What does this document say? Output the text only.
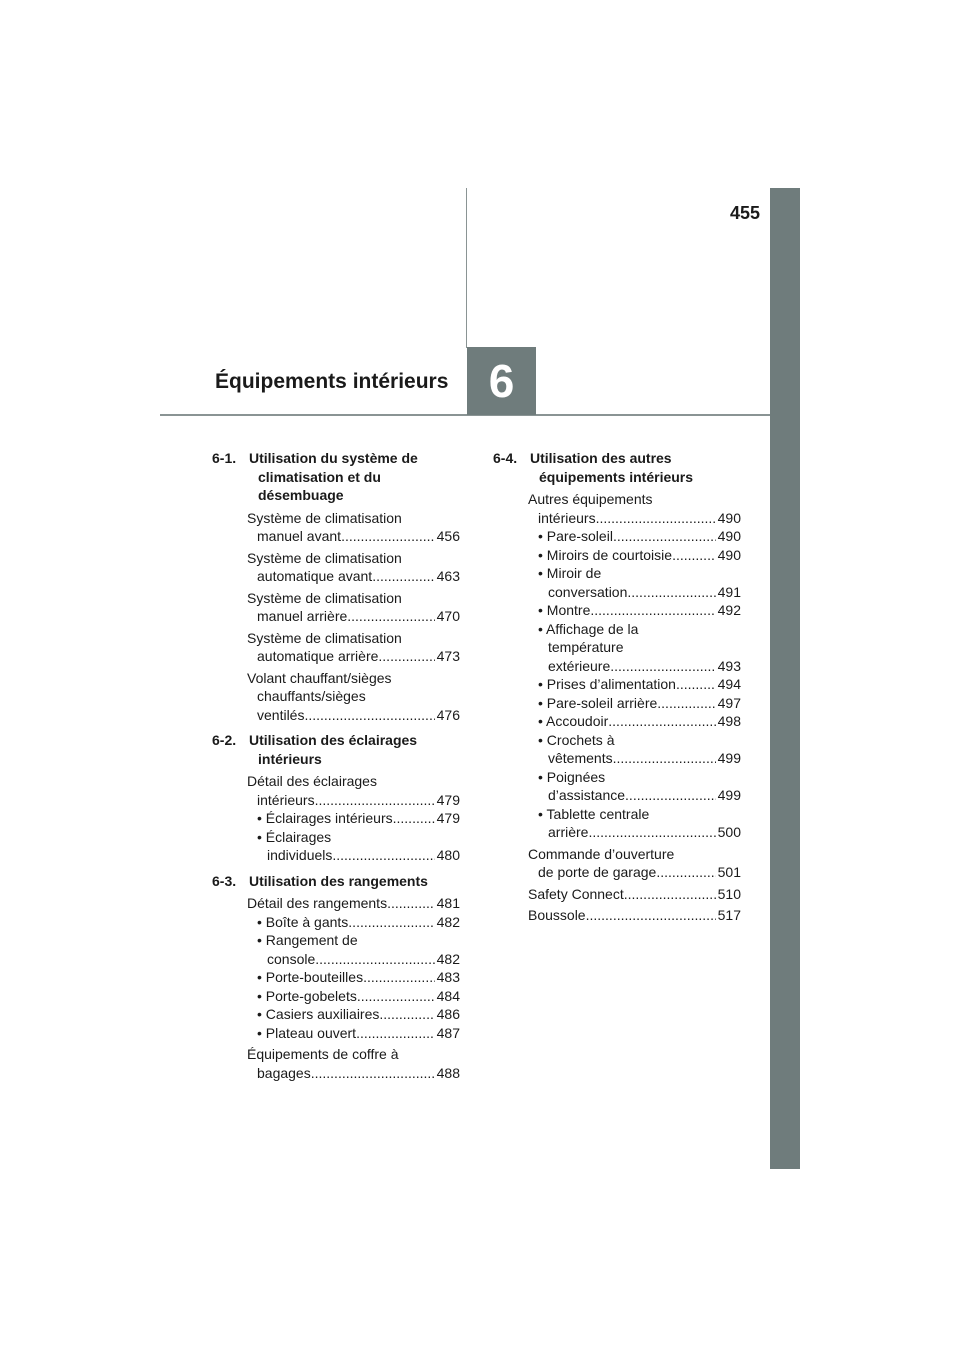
455
Équipements intérieurs 6
6-1. Utilisation du système de
climatisation et du
désembuage
Système de climatisation
manuel avant .....	456
Système de climatisation
automatique avant .....	463
Système de climatisation
manuel arrière .....	470
Système de climatisation
automatique arrière .....	473
Volant chauffant/sièges
chauffants/sièges
ventilés .....	476
6-2. Utilisation des éclairages
intérieurs
Détail des éclairages
intérieurs .....	479
• Éclairages intérieurs .....	479
• Éclairages
individuels .....	480
6-3. Utilisation des rangements
Détail des rangements .....	481
• Boîte à gants .....	482
• Rangement de
console .....	482
• Porte-bouteilles .....	483
• Porte-gobelets .....	484
• Casiers auxiliaires .....	486
• Plateau ouvert .....	487
Équipements de coffre à
bagages .....	488
6-4. Utilisation des autres
équipements intérieurs
Autres équipements
intérieurs .....	490
• Pare-soleil .....	490
• Miroirs de courtoisie .....	490
• Miroir de
conversation .....	491
• Montre .....	492
• Affichage de la
température
extérieure .....	493
• Prises d’alimentation .....	494
• Pare-soleil arrière .....	497
• Accoudoir .....	498
• Crochets à
vêtements .....	499
• Poignées
d’assistance .....	499
• Tablette centrale
arrière .....	500
Commande d’ouverture
de porte de garage .....	501
Safety Connect .....	510
Boussole .....	517
